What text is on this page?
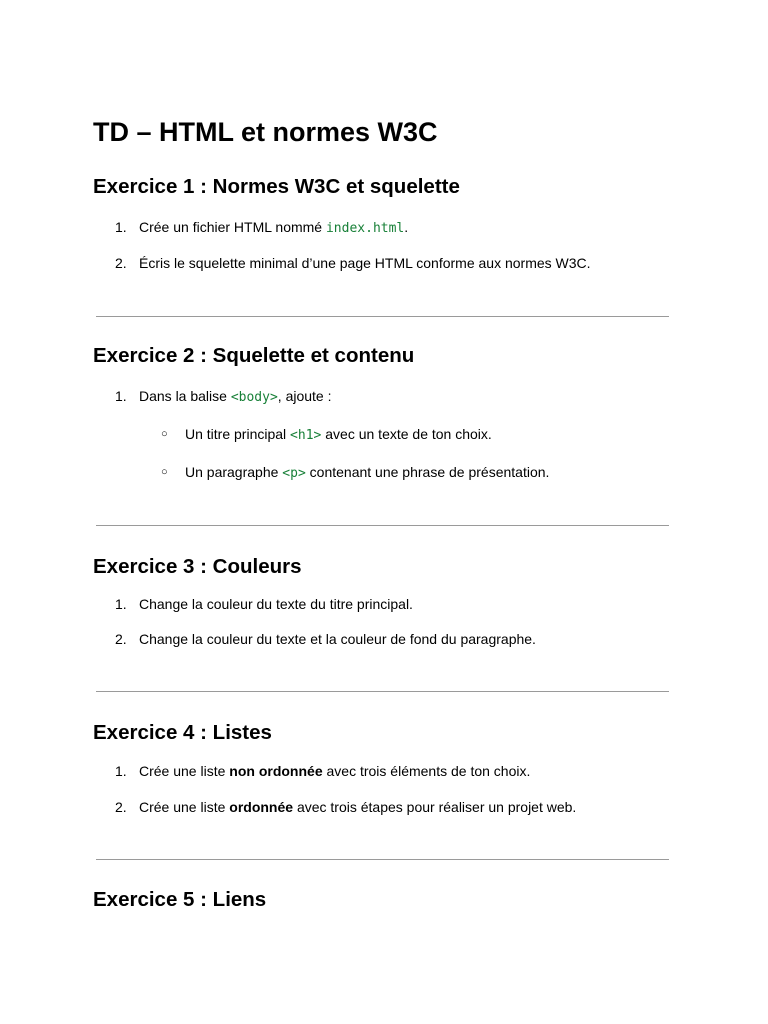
TD – HTML et normes W3C
Exercice 1 : Normes W3C et squelette
1. Crée un fichier HTML nommé index.html.
2. Écris le squelette minimal d’une page HTML conforme aux normes W3C.
Exercice 2 : Squelette et contenu
1. Dans la balise <body>, ajoute :
○ Un titre principal <h1> avec un texte de ton choix.
○ Un paragraphe <p> contenant une phrase de présentation.
Exercice 3 : Couleurs
1. Change la couleur du texte du titre principal.
2. Change la couleur du texte et la couleur de fond du paragraphe.
Exercice 4 : Listes
1. Crée une liste non ordonnée avec trois éléments de ton choix.
2. Crée une liste ordonnée avec trois étapes pour réaliser un projet web.
Exercice 5 : Liens
